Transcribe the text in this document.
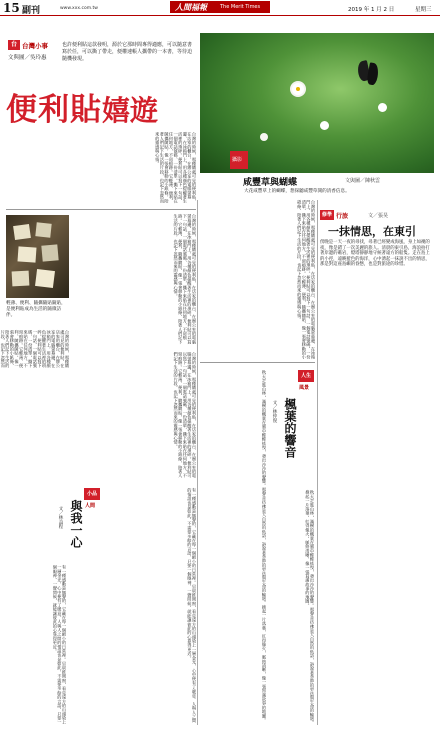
15 副刊	www.xxx.com.tw	人間福報	The Merit Times	2019 年 1 月 2 日	星期三
台 台灣小事
文與圖／吳玲惠
也許便利貼這款發明，源於它那時間專得適應，可以隨意書寫於任，可以撕了帶走，便權速帳人攜帶的一本書，等待迫隨機發現。
便利貼嬉遊
台灣的時候，那種隨處可見的便利貼，在店家的櫃台、在辦公室的電腦螢幕邊、在冰箱門上，用各種顏色提醒著生活裡的瑣碎。便利貼可以寫下一句話、一個電話號碼、一份清單，撕下來貼在任何地方，不留痕跡。它輕薄、便利、隨攜隨貼，像一張會移動的小紙條，陪著人們記下生活的片段，也記下忽然而來的靈感與心情。
輕薄、便利、隨攜隨貼隨貼，是便利貼成為生活的隨微訪伴。	台灣的時候，那種隨處可見的便利貼，在店家的櫃台、在辦公室的電腦螢幕邊、在冰箱門上，用各種顏色提醒著生活裡的瑣碎。便利貼可以寫下一句話、一個電話號碼、一份清單，撕下來貼在任何地方，不留痕跡。它輕薄、便利、隨攜隨貼，像一張會移動的小紙條，陪著人們記下生活的片段，也記下忽然而來的靈感與心情。
台灣的時候，那種隨處可見的便利貼，在店家的櫃台、在辦公室的電腦螢幕邊、在冰箱門上，用各種顏色提醒著生活裡的瑣碎。便利貼可以寫下一句話、一個電話號碼、一份清單，撕下來貼在任何地方，不留痕跡。它輕薄、便利、隨攜隨貼，像一張會移動的小紙條，陪著人們記下生活的片段，也記下忽然而
攝影
咸豐草與蝴蝶	文與圖／陳秋雲
大花咸豐草上的蝴蝶，想探聽咸豐草開的清香信息。
台灣的時候，那種隨處可見的便利貼，在店家的櫃台、在辦公室的電腦螢幕邊、在冰箱門上，用各種顏色提醒著生活裡的瑣碎。便利貼可以寫下一句話、一個電話號碼、一份清單，撕下來貼在任何地方，不留痕跡。它輕薄、便利、隨攜隨貼，像一張會移動的小紙條，陪著人們記下生活的片段，也記下忽然而來的靈感與心情。	修學 行旅	文／張昊
一抹情思，在東引
傍晚是一天一夜的尋找，尋著已經變成海風，身上如褪的夜，像是錯了一次美麗的旅人。清晨的東引島，海浪拍打著岸邊的礁岩，燈塔靜靜地守候著遠方的船隻。走在島上的小徑，遠眺藍色的海洋，心中湧起一抹說不出的情思，那是對這座島嶼的眷戀，也是對旅途的珍惜。
人生
風景
楓葉的響音
文／林仲倪
秋天走進山林，滿樹的楓葉在風中輕輕搖曳，發出沙沙的聲響。那聲音彷彿是大自然的低語，訴說著季節的更迭與生命的輪迴。撿起一片落葉，紅得像火，脈絡清晰，像一張寫滿故事的地圖。	秋天走進山林，滿樹的楓葉在風中輕輕搖曳，發出沙沙的聲響。那聲音彷彿是大自然的低語，訴說著季節的更迭與生命的輪迴。撿起一片落葉，紅得像火，脈絡清晰，像一張寫滿故事的地圖。
台灣的時候，那種隨處可見的便利貼，在店家的櫃台、在辦公室的電腦螢幕邊、在冰箱門上，用各種顏色提醒著生活裡的瑣碎。便利貼可以寫下一句話、一個電話號碼、一份清單，撕下來貼在任何地方，不留痕跡。它輕薄、便利、隨攜隨貼，像一張會移動的小紙條，陪著人們記下生活的片段，也記下忽然而來的靈感與心情。
小品
人間
與我一心
文／林益程	有一種感動是無聲的，它藏在每一個細小的日常裡。早晨推開窗，看見遠方的山頭染上一層金光，心中便有了暖意。人與人之間的情誼也是如此，不需要多餘的言語，只要一個眼神、一聲問候，就能讓彼此的心靠得更近。
有一種感動是無聲的，它藏在每一個細小的日常裡。早晨推開窗，看見遠方的山頭染上一層金光，心中便有了暖意。人與人之間的情誼也是如此，不需要多餘的言語，只要一個眼神、一聲問候，就能讓彼此的心靠得更近。
